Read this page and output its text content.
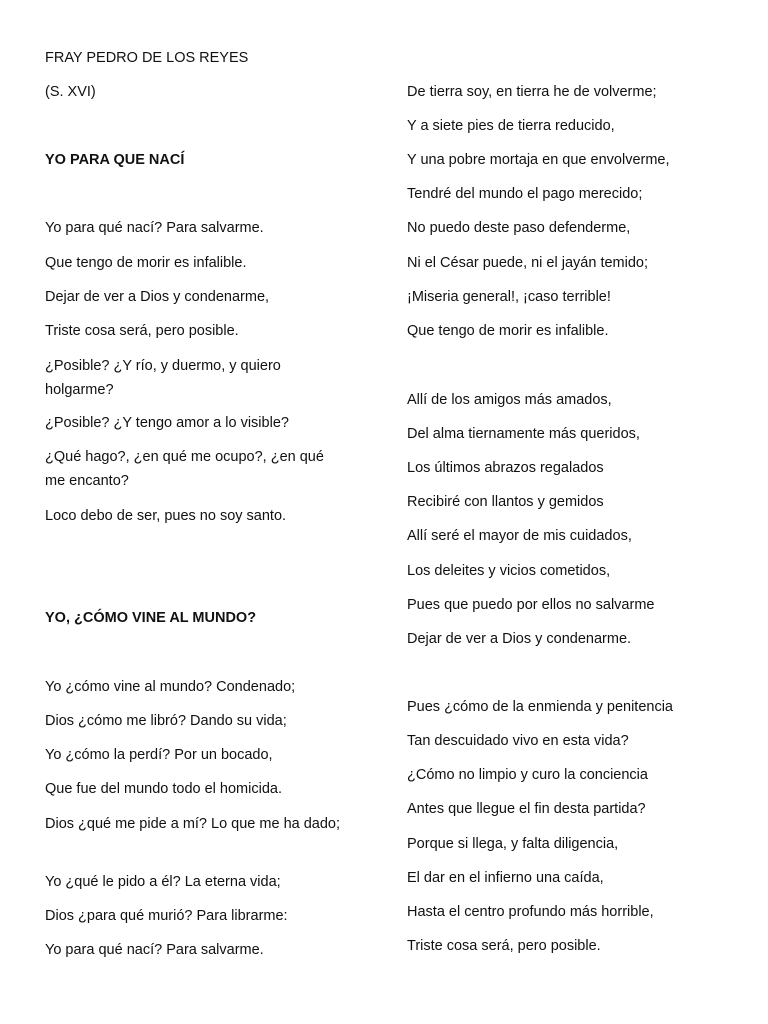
FRAY PEDRO DE LOS REYES
(S. XVI)
YO PARA QUE NACÍ
Yo para qué nací? Para salvarme.
Que tengo de morir es infalible.
Dejar de ver a Dios y condenarme,
Triste cosa será, pero posible.
¿Posible? ¿Y río, y duermo, y quiero holgarme?
¿Posible? ¿Y tengo amor a lo visible?
¿Qué hago?, ¿en qué me ocupo?, ¿en qué me encanto?
Loco debo de ser, pues no soy santo.
YO, ¿CÓMO VINE AL MUNDO?
Yo ¿cómo vine al mundo? Condenado;
Dios ¿cómo me libró? Dando su vida;
Yo ¿cómo la perdí? Por un bocado,
Que fue del mundo todo el homicida.
Dios ¿qué me pide a mí? Lo que me ha dado;
Yo ¿qué le pido a él? La eterna vida;
Dios ¿para qué murió? Para librarme:
Yo para qué nací? Para salvarme.
De tierra soy, en tierra he de volverme;
Y a siete pies de tierra reducido,
Y una pobre mortaja en que envolverme,
Tendré del mundo el pago merecido;
No puedo deste paso defenderme,
Ni el César puede, ni el jayán temido;
¡Miseria general!, ¡caso terrible!
Que tengo de morir es infalible.
Allí de los amigos más amados,
Del alma tiernamente más queridos,
Los últimos abrazos regalados
Recibiré con llantos y gemidos
Allí seré el mayor de mis cuidados,
Los deleites y vicios cometidos,
Pues que puedo por ellos no salvarme
Dejar de ver a Dios y condenarme.
Pues ¿cómo de la enmienda y penitencia
Tan descuidado vivo en esta vida?
¿Cómo no limpio y curo la conciencia
Antes que llegue el fin desta partida?
Porque si llega, y falta diligencia,
El dar en el infierno una caída,
Hasta el centro profundo más horrible,
Triste cosa será, pero posible.
